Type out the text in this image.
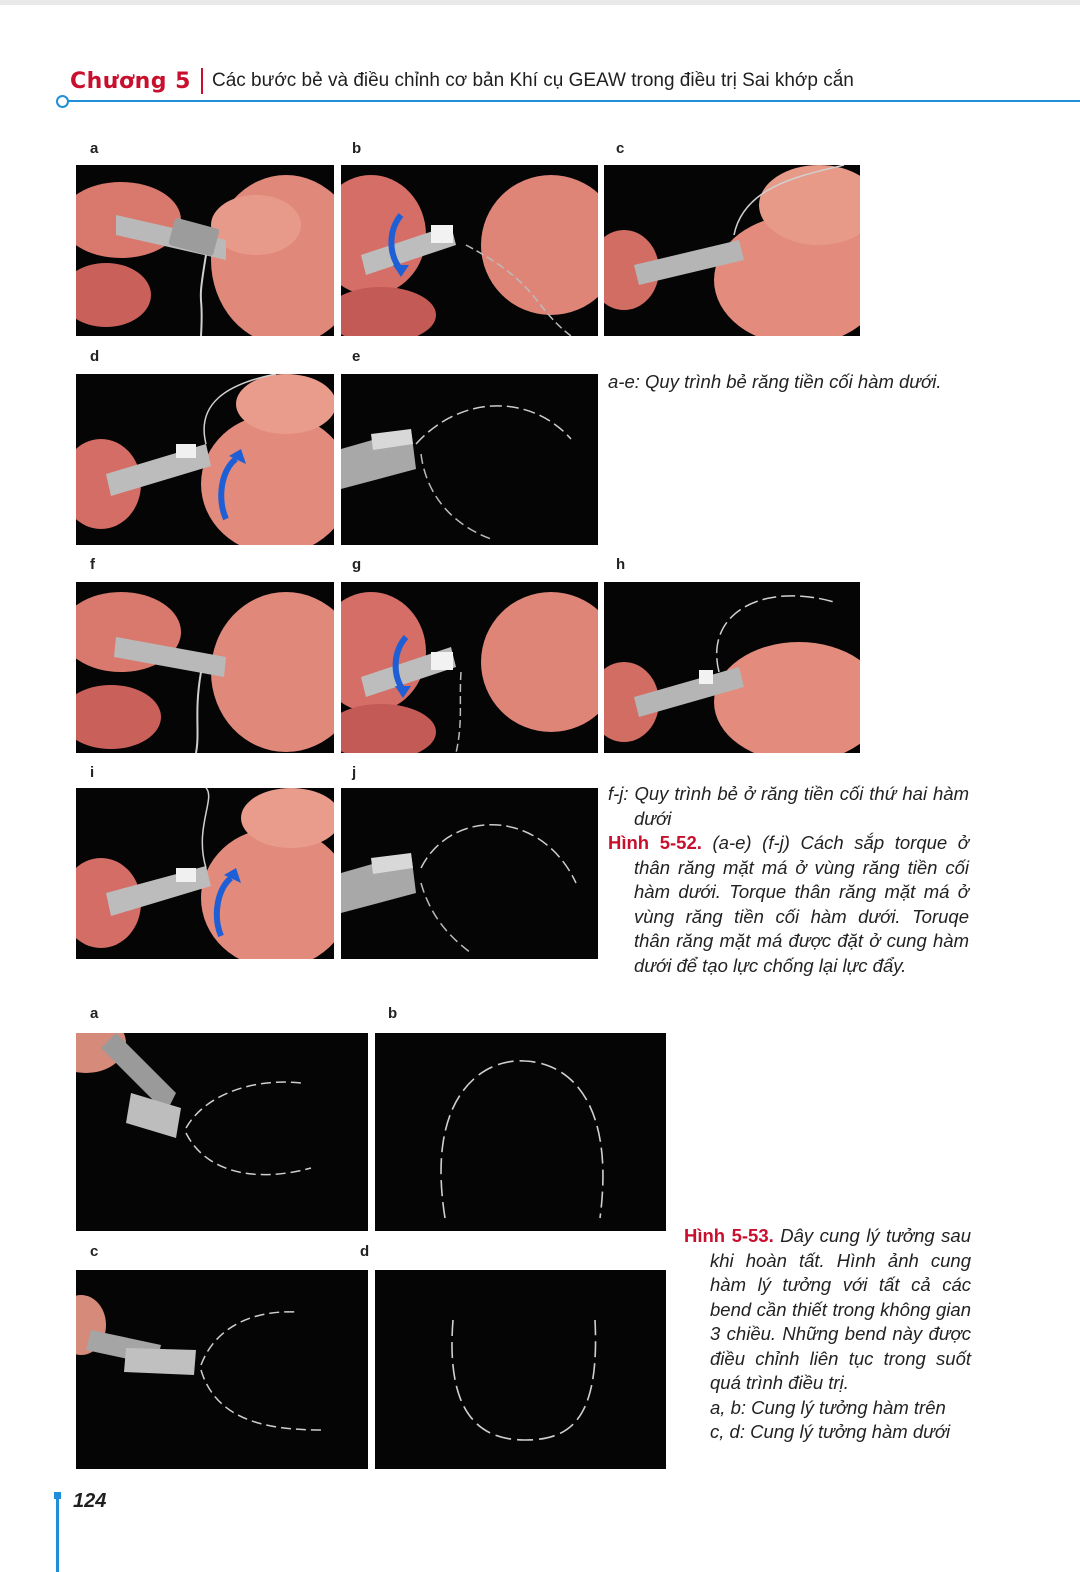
Chương 5 Các bước bẻ và điều chỉnh cơ bản Khí cụ GEAW trong điều trị Sai khớp cắn
a	b	c
d	e
a-e: Quy trình bẻ răng tiền cối hàm dưới.
f	g	h
i	j
f-j: Quy trình bẻ ở răng tiền cối thứ hai hàm dưới
Hình 5-52. (a-e) (f-j) Cách sắp torque ở thân răng mặt má ở vùng răng tiền cối hàm dưới. Torque thân răng mặt má ở vùng răng tiền cối hàm dưới. Toruqe thân răng mặt má được đặt ở cung hàm dưới để tạo lực chống lại lực đẩy.
a	b
c	d
Hình 5-53. Dây cung lý tưởng sau khi hoàn tất. Hình ảnh cung hàm lý tưởng với tất cả các bend cần thiết trong không gian 3 chiều. Những bend này được điều chỉnh liên tục trong suốt quá trình điều trị.
a, b: Cung lý tưởng hàm trên
c, d: Cung lý tưởng hàm dưới
124
